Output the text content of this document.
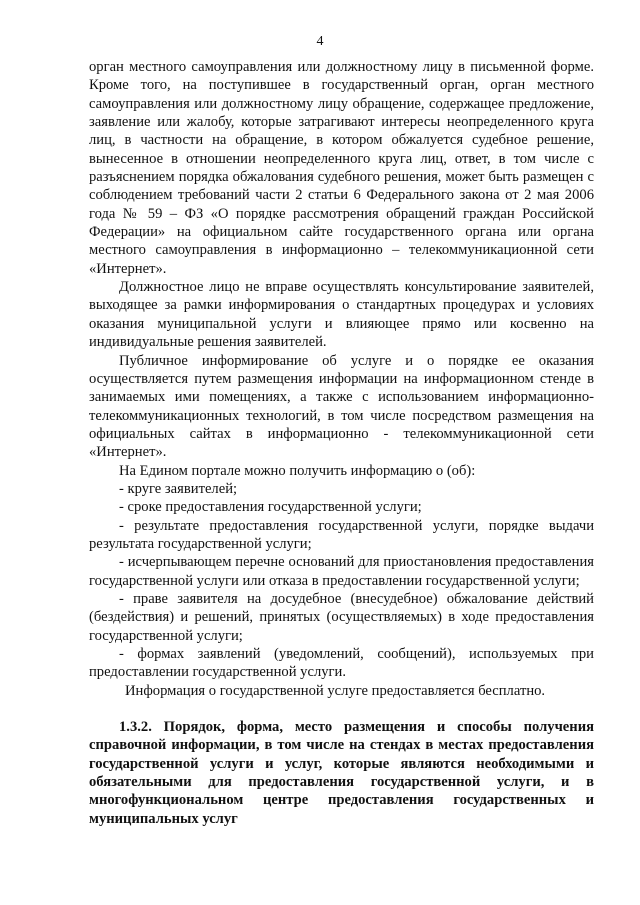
4

орган местного самоуправления или должностному лицу в письменной форме. Кроме того, на поступившее в государственный орган, орган местного самоуправления или должностному лицу обращение, содержащее предложение, заявление или жалобу, которые затрагивают интересы неопределенного круга лиц, в частности на обращение, в котором обжалуется судебное решение, вынесенное в отношении неопределенного круга лиц, ответ, в том числе с разъяснением порядка обжалования судебного решения, может быть размещен с соблюдением требований части 2 статьи 6 Федерального закона от 2 мая 2006 года № 59 – ФЗ «О порядке рассмотрения обращений граждан Российской Федерации» на официальном сайте государственного органа или органа местного самоуправления в информационно – телекоммуникационной сети «Интернет».

Должностное лицо не вправе осуществлять консультирование заявителей, выходящее за рамки информирования о стандартных процедурах и условиях оказания муниципальной услуги и влияющее прямо или косвенно на индивидуальные решения заявителей.

Публичное информирование об услуге и о порядке ее оказания осуществляется путем размещения информации на информационном стенде в занимаемых ими помещениях, а также с использованием информационно-телекоммуникационных технологий, в том числе посредством размещения на официальных сайтах в информационно - телекоммуникационной сети «Интернет».

На Едином портале можно получить информацию о (об):

- круге заявителей;

- сроке предоставления государственной услуги;

- результате предоставления государственной услуги, порядке выдачи результата государственной услуги;

- исчерпывающем перечне оснований для приостановления предоставления государственной услуги или отказа в предоставлении государственной услуги;

- праве заявителя на досудебное (внесудебное) обжалование действий (бездействия) и решений, принятых (осуществляемых) в ходе предоставления государственной услуги;

- формах заявлений (уведомлений, сообщений), используемых при предоставлении государственной услуги.

Информация о государственной услуге предоставляется бесплатно.

1.3.2. Порядок, форма, место размещения и способы получения справочной информации, в том числе на стендах в местах предоставления государственной услуги и услуг, которые являются необходимыми и обязательными для предоставления государственной услуги, и в многофункциональном центре предоставления государственных и муниципальных услуг
